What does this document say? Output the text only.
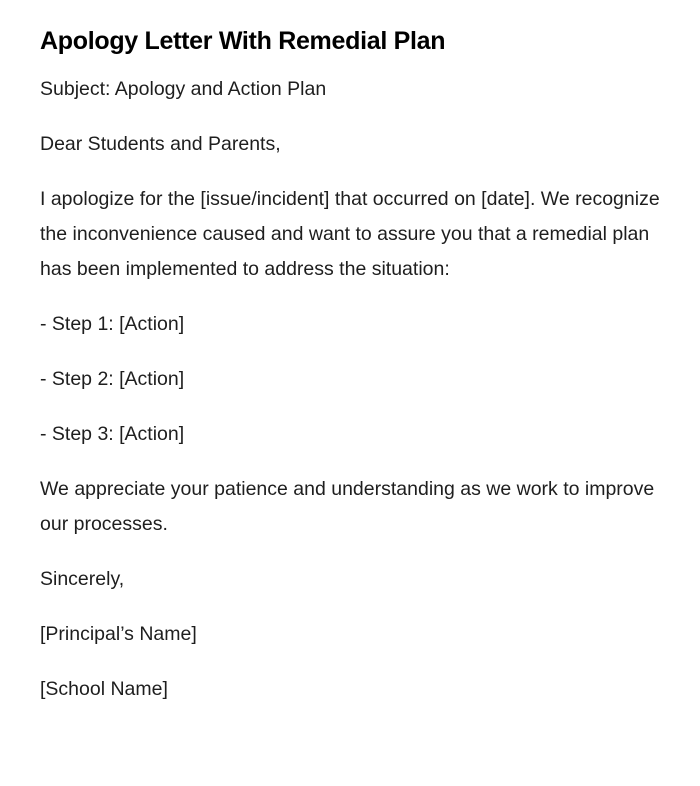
Apology Letter With Remedial Plan

Subject: Apology and Action Plan

Dear Students and Parents,

I apologize for the [issue/incident] that occurred on [date]. We recognize the inconvenience caused and want to assure you that a remedial plan has been implemented to address the situation:

- Step 1: [Action]

- Step 2: [Action]

- Step 3: [Action]

We appreciate your patience and understanding as we work to improve our processes.

Sincerely,

[Principal’s Name]

[School Name]
